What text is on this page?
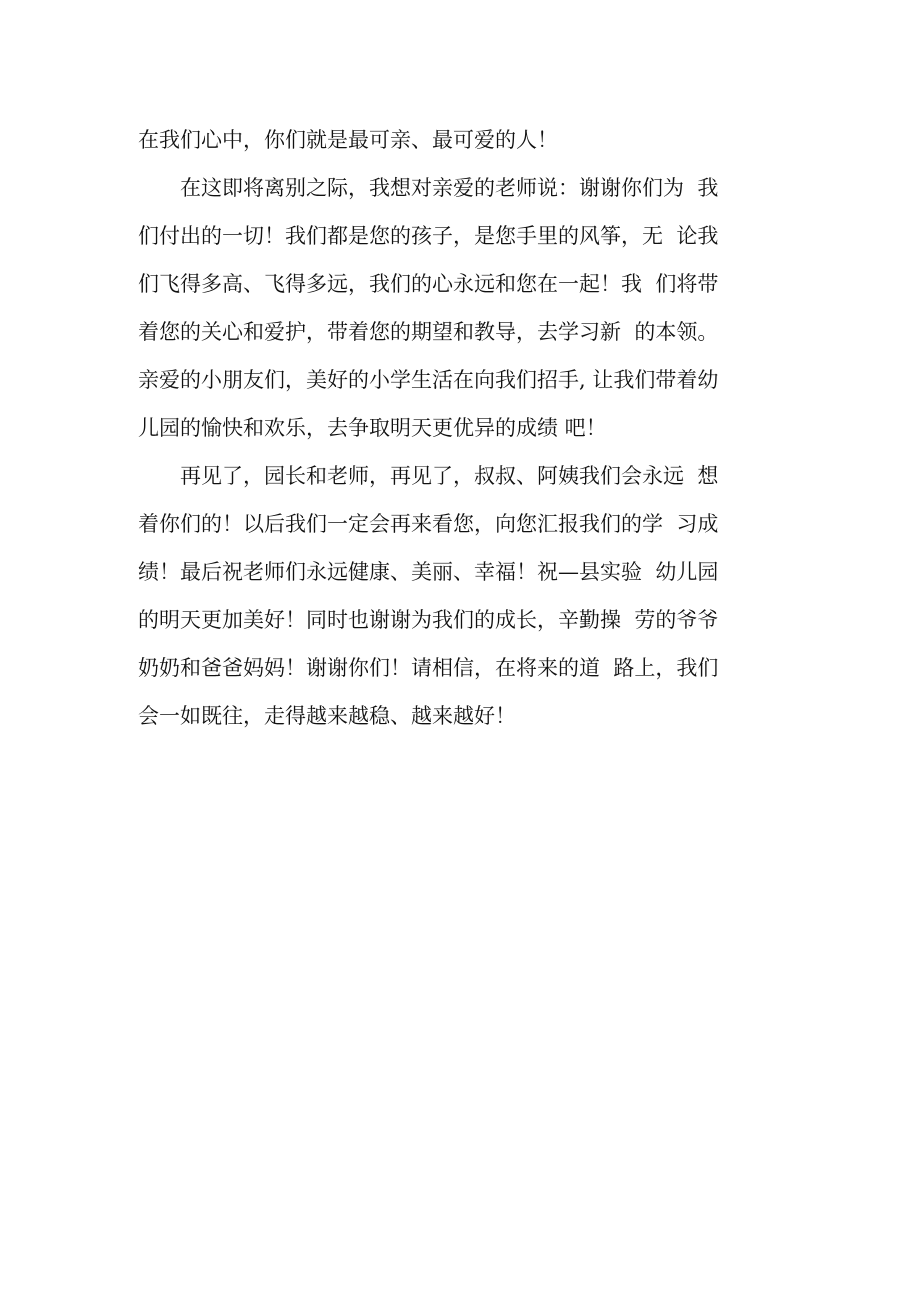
在我们心中，你们就是最可亲、最可爱的人！
　　在这即将离别之际，我想对亲爱的老师说：谢谢你们为  我
们付出的一切！我们都是您的孩子，是您手里的风筝，无  论我
们飞得多高、飞得多远，我们的心永远和您在一起！我  们将带
着您的关心和爱护，带着您的期望和教导，去学习新  的本领。
亲爱的小朋友们，美好的小学生活在向我们招手, 让我们带着幼
儿园的愉快和欢乐，去争取明天更优异的成绩 吧！
　　再见了，园长和老师，再见了，叔叔、阿姨我们会永远  想
着你们的！以后我们一定会再来看您，向您汇报我们的学  习成
绩！最后祝老师们永远健康、美丽、幸福！祝—县实验  幼儿园
的明天更加美好！同时也谢谢为我们的成长，辛勤操  劳的爷爷
奶奶和爸爸妈妈！谢谢你们！请相信，在将来的道  路上，我们
会一如既往，走得越来越稳、越来越好！
